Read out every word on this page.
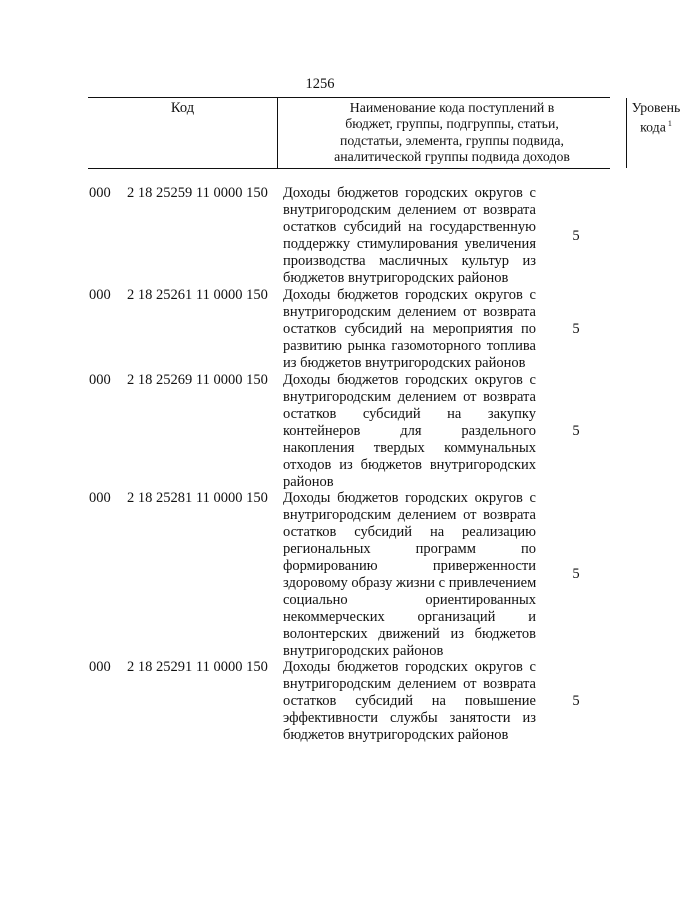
1256
Код	Наименование кода поступлений в
бюджет, группы, подгруппы, статьи,
подстатьи, элемента, группы подвида,
аналитической группы подвида доходов
Уровень
кода $^1$
000 2 18 25259 11 0000 150 Доходы бюджетов городских округов с
внутригородским делением от возврата
остатков субсидий на государственную
поддержку стимулирования увеличения
производства масличных культур из
бюджетов внутригородских районов
5
000 2 18 25261 11 0000 150 Доходы бюджетов городских округов с
внутригородским делением от возврата
остатков субсидий на мероприятия по
развитию рынка газомоторного топлива
из бюджетов внутригородских районов
5
000 2 18 25269 11 0000 150 Доходы бюджетов городских округов с
внутригородским делением от возврата
остатков субсидий на закупку
контейнеров для раздельного
накопления твердых коммунальных
отходов из бюджетов внутригородских
районов
5
000 2 18 25281 11 0000 150 Доходы бюджетов городских округов с
внутригородским делением от возврата
остатков субсидий на реализацию
региональных программ по
формированию приверженности
здоровому образу жизни с привлечением
социально ориентированных
некоммерческих организаций и
волонтерских движений из бюджетов
внутригородских районов
5
000 2 18 25291 11 0000 150 Доходы бюджетов городских округов с
внутригородским делением от возврата
остатков субсидий на повышение
эффективности службы занятости из
бюджетов внутригородских районов
5
